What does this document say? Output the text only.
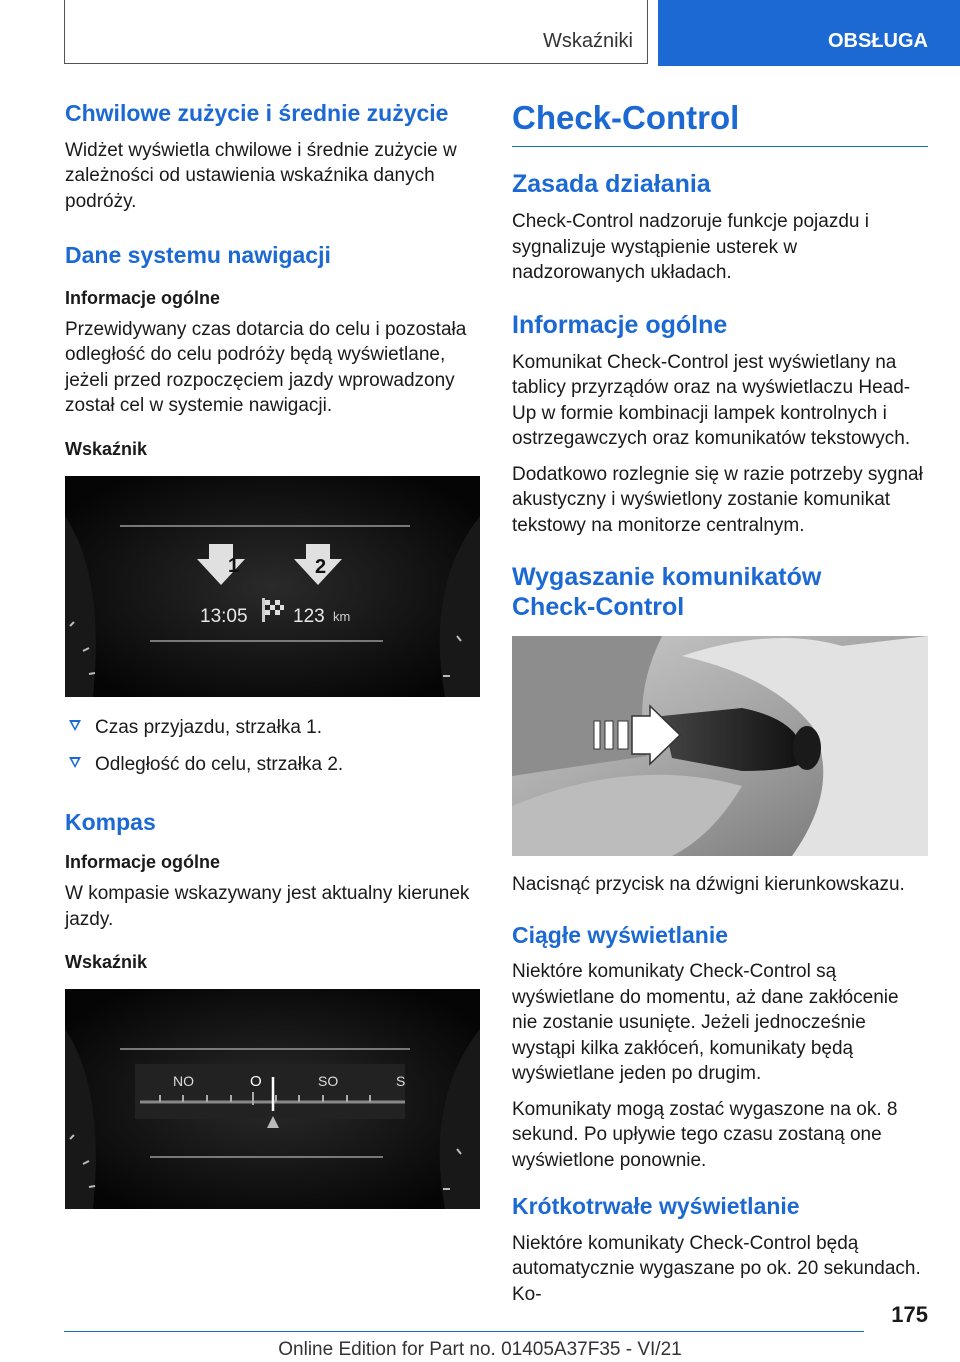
Wskaźniki	OBSŁUGA
Chwilowe zużycie i średnie zużycie

Widżet wyświetla chwilowe i średnie zużycie w zależności od ustawienia wskaźnika danych podróży.

Dane systemu nawigacji
Informacje ogólne

Przewidywany czas dotarcia do celu i pozostała odległość do celu podróży będą wyświetlane, jeżeli przed rozpoczęciem jazdy wprowadzony został cel w systemie nawigacji.

Wskaźnik
1	2
13:05 123 km
Czas przyjazdu, strzałka 1.
Odległość do celu, strzałka 2.
Kompas
Informacje ogólne

W kompasie wskazywany jest aktualny kierunek jazdy.

Wskaźnik
NO	O	SO	S
Check-Control
Zasada działania

Check-Control nadzoruje funkcje pojazdu i sygnalizuje wystąpienie usterek w nadzorowanych układach.

Informacje ogólne

Komunikat Check-Control jest wyświetlany na tablicy przyrządów oraz na wyświetlaczu Head-Up w formie kombinacji lampek kontrolnych i ostrzegawczych oraz komunikatów tekstowych.

Dodatkowo rozlegnie się w razie potrzeby sygnał akustyczny i wyświetlony zostanie komunikat tekstowy na monitorze centralnym.

Wygaszanie komunikatów Check-Control

Nacisnąć przycisk na dźwigni kierunkowskazu.

Ciągłe wyświetlanie

Niektóre komunikaty Check-Control są wyświetlane do momentu, aż dane zakłócenie nie zostanie usunięte. Jeżeli jednocześnie wystąpi kilka zakłóceń, komunikaty będą wyświetlane jeden po drugim.

Komunikaty mogą zostać wygaszone na ok. 8 sekund. Po upływie tego czasu zostaną one wyświetlone ponownie.

Krótkotrwałe wyświetlanie

Niektóre komunikaty Check-Control będą automatycznie wygaszane po ok. 20 sekundach. Ko-

175
Online Edition for Part no. 01405A37F35 - VI/21
